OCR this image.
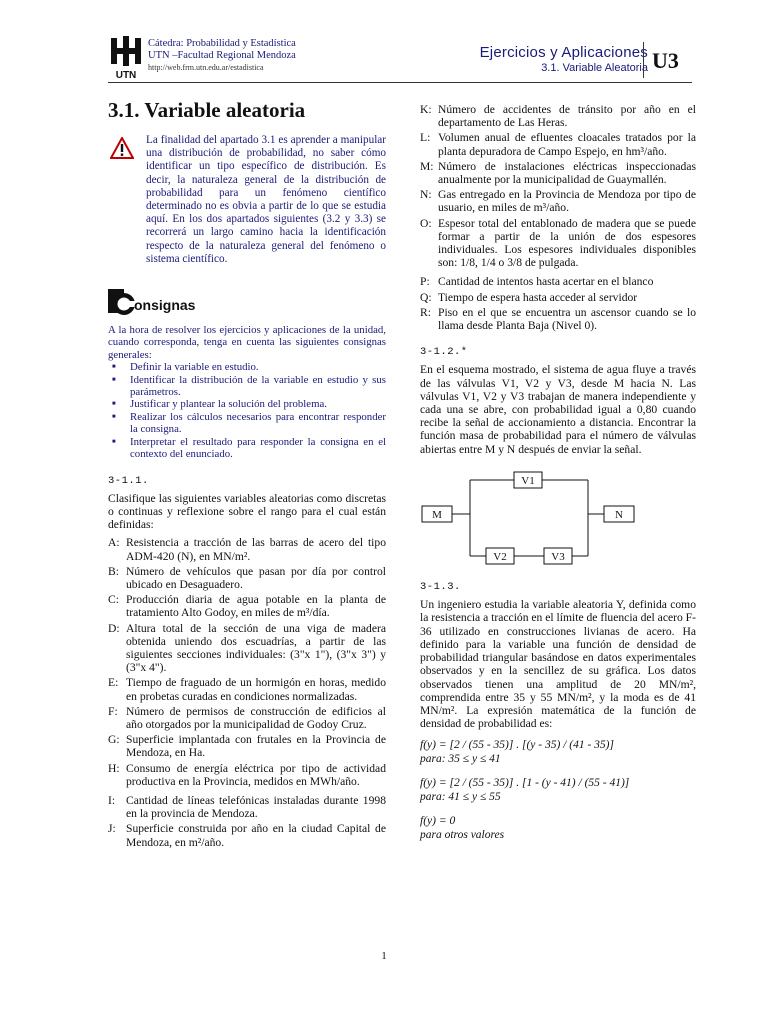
UTN
Cátedra: Probabilidad y Estadística
UTN –Facultad Regional Mendoza
http://web.frm.utn.edu.ar/estadistica
Ejercicios y Aplicaciones
3.1. Variable Aleatoria U3
3.1. Variable aleatoria
La finalidad del apartado 3.1 es aprender a manipular una distribución de probabilidad, no saber cómo identificar un tipo específico de distribución. Es decir, la naturaleza general de la distribución de probabilidad para un fenómeno científico determinado no es obvia a partir de lo que se estudia aquí. En los dos apartados siguientes (3.2 y 3.3) se recorrerá un largo camino hacia la identificación respecto de la naturaleza general del fenómeno o sistema científico.
onsignas
A la hora de resolver los ejercicios y aplicaciones de la unidad, cuando corresponda, tenga en cuenta las siguientes consignas generales:
■ Definir la variable en estudio.
■ Identificar la distribución de la variable en estudio y sus parámetros.
■ Justificar y plantear la solución del problema.
■ Realizar los cálculos necesarios para encontrar responder la consigna.
■ Interpretar el resultado para responder la consigna en el contexto del enunciado.
3-1.1.

Clasifique las siguientes variables aleatorias como discretas o continuas y reflexione sobre el rango para el cual están definidas:

A: Resistencia a tracción de las barras de acero del tipo ADM-420 (N), en MN/m².
B: Número de vehículos que pasan por día por control ubicado en Desaguadero.
C: Producción diaria de agua potable en la planta de tratamiento Alto Godoy, en miles de m³/día.
D: Altura total de la sección de una viga de madera obtenida uniendo dos escuadrías, a partir de las siguientes secciones individuales: (3"x 1"), (3"x 3") y (3"x 4").
E: Tiempo de fraguado de un hormigón en horas, medido en probetas curadas en condiciones normalizadas.
F: Número de permisos de construcción de edificios al año otorgados por la municipalidad de Godoy Cruz.
G: Superficie implantada con frutales en la Provincia de Mendoza, en Ha.
H: Consumo de energía eléctrica por tipo de actividad productiva en la Provincia, medidos en MWh/año.
I: Cantidad de líneas telefónicas instaladas durante 1998 en la provincia de Mendoza.
J: Superficie construida por año en la ciudad Capital de Mendoza, en m²/año.
K: Número de accidentes de tránsito por año en el departamento de Las Heras.
L: Volumen anual de efluentes cloacales tratados por la planta depuradora de Campo Espejo, en hm³/año.
M: Número de instalaciones eléctricas inspeccionadas anualmente por la municipalidad de Guaymallén.
N: Gas entregado en la Provincia de Mendoza por tipo de usuario, en miles de m³/año.
O: Espesor total del entablonado de madera que se puede formar a partir de la unión de dos espesores individuales. Los espesores individuales disponibles son: 1/8, 1/4 o 3/8 de pulgada.
P: Cantidad de intentos hasta acertar en el blanco
Q: Tiempo de espera hasta acceder al servidor
R: Piso en el que se encuentra un ascensor cuando se lo llama desde Planta Baja (Nivel 0).
3-1.2.*

En el esquema mostrado, el sistema de agua fluye a través de las válvulas V1, V2 y V3, desde M hacia N. Las válvulas V1, V2 y V3 trabajan de manera independiente y cada una se abre, con probabilidad igual a 0,80 cuando recibe la señal de accionamiento a distancia. Encontrar la función masa de probabilidad para el número de válvulas abiertas entre M y N después de enviar la señal.

M	N
V1
V2	V3
3-1.3.

Un ingeniero estudia la variable aleatoria Y, definida como la resistencia a tracción en el límite de fluencia del acero F-36 utilizado en construcciones livianas de acero. Ha definido para la variable una función de densidad de probabilidad triangular basándose en datos experimentales observados y en la sencillez de su gráfica. Los datos observados tienen una amplitud de 20 MN/m², comprendida entre 35 y 55 MN/m², y la moda es de 41 MN/m². La expresión matemática de la función de densidad de probabilidad es:

f(y) = [2 / (55 - 35)] . [(y - 35) / (41 - 35)]
para: 35 ≤ y ≤ 41
f(y) = [2 / (55 - 35)] . [1 - (y - 41) / (55 - 41)]
para: 41 ≤ y ≤ 55
f(y) = 0
para otros valores
1
